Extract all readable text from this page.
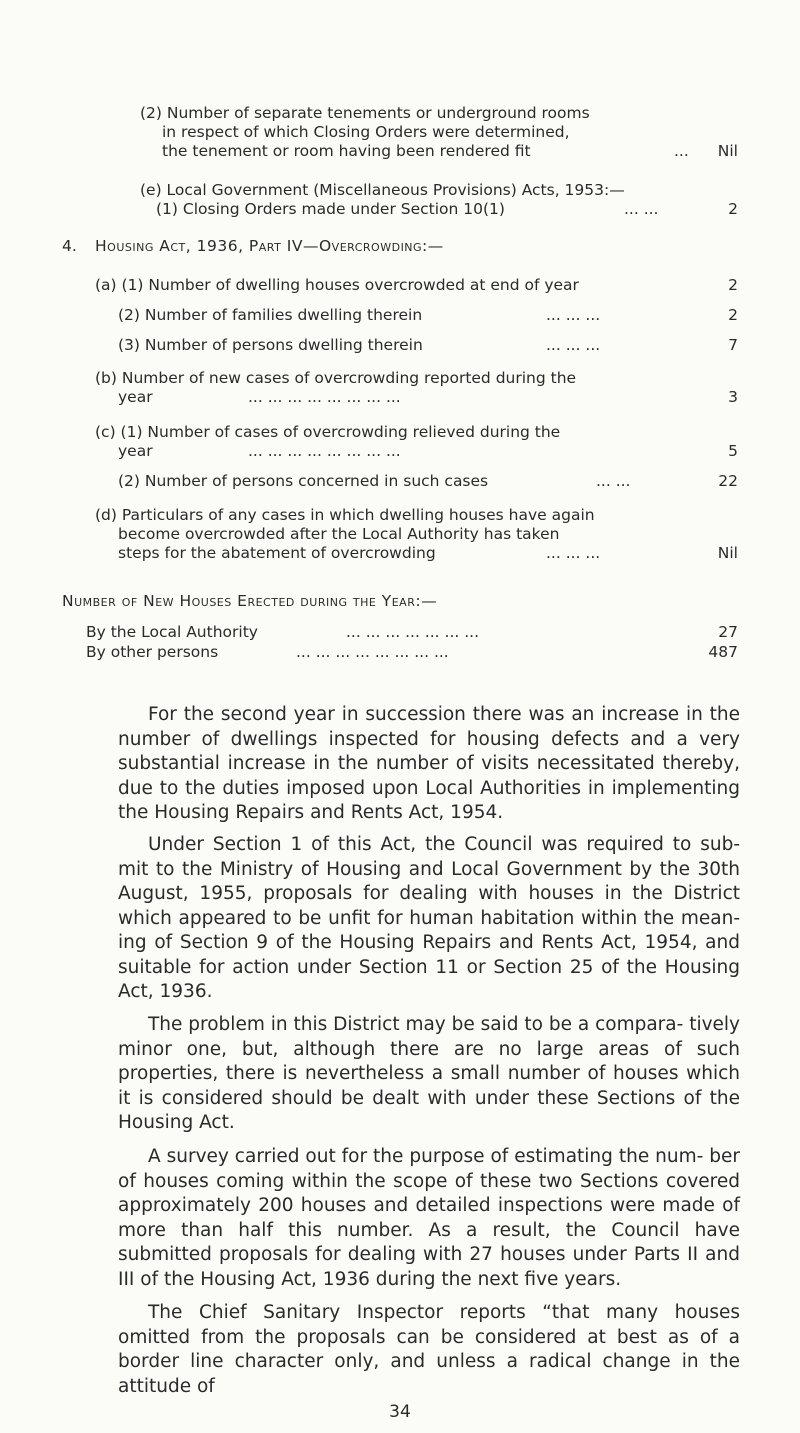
(2) Number of separate tenements or underground rooms
in respect of which Closing Orders were determined,
the tenement or room having been rendered fit	... Nil
(e) Local Government (Miscellaneous Provisions) Acts, 1953:—
(1) Closing Orders made under Section 10(1)	... ...	2
4. Housing Act, 1936, Part IV—Overcrowding:—
(a) (1) Number of dwelling houses overcrowded at end of year	2
(2) Number of families dwelling therein	... ... ...	2
(3) Number of persons dwelling therein	... ... ...	7
(b) Number of new cases of overcrowding reported during the
year	... ... ... ... ... ... ... ...	3
(c) (1) Number of cases of overcrowding relieved during the
year	... ... ... ... ... ... ... ...	5
(2) Number of persons concerned in such cases	... ...	22
(d) Particulars of any cases in which dwelling houses have again
become overcrowded after the Local Authority has taken
steps for the abatement of overcrowding	... ... ...	Nil
Number of New Houses Erected during the Year:—
By the Local Authority	... ... ... ... ... ... ...	27
By other persons	... ... ... ... ... ... ... ...	487

For the second year in succession there was an increase in the number of dwellings inspected for housing defects and a very substantial increase in the number of visits necessitated thereby, due to the duties imposed upon Local Authorities in implementing the Housing Repairs and Rents Act, 1954.

Under Section 1 of this Act, the Council was required to sub- mit to the Ministry of Housing and Local Government by the 30th August, 1955, proposals for dealing with houses in the District which appeared to be unfit for human habitation within the mean- ing of Section 9 of the Housing Repairs and Rents Act, 1954, and suitable for action under Section 11 or Section 25 of the Housing Act, 1936.

The problem in this District may be said to be a compara- tively minor one, but, although there are no large areas of such properties, there is nevertheless a small number of houses which it is considered should be dealt with under these Sections of the Housing Act.

A survey carried out for the purpose of estimating the num- ber of houses coming within the scope of these two Sections covered approximately 200 houses and detailed inspections were made of more than half this number. As a result, the Council have submitted proposals for dealing with 27 houses under Parts II and III of the Housing Act, 1936 during the next five years.

The Chief Sanitary Inspector reports “that many houses omitted from the proposals can be considered at best as of a border line character only, and unless a radical change in the attitude of

34
